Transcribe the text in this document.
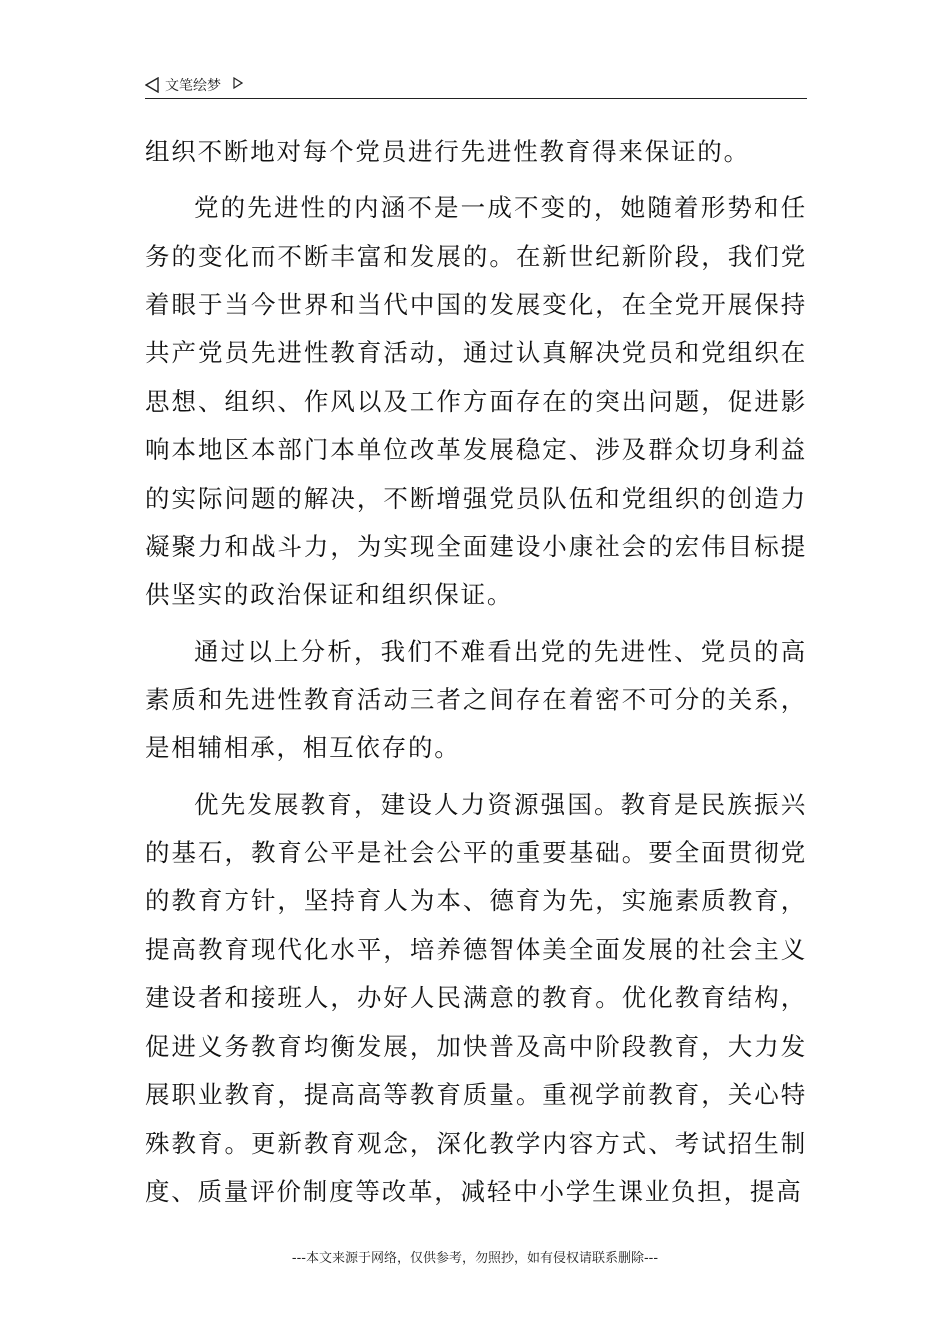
文笔绘梦

组织不断地对每个党员进行先进性教育得来保证的。

党的先进性的内涵不是一成不变的，她随着形势和任务的变化而不断丰富和发展的。在新世纪新阶段，我们党着眼于当今世界和当代中国的发展变化，在全党开展保持共产党员先进性教育活动，通过认真解决党员和党组织在思想、组织、作风以及工作方面存在的突出问题，促进影响本地区本部门本单位改革发展稳定、涉及群众切身利益的实际问题的解决，不断增强党员队伍和党组织的创造力凝聚力和战斗力，为实现全面建设小康社会的宏伟目标提供坚实的政治保证和组织保证。

通过以上分析，我们不难看出党的先进性、党员的高素质和先进性教育活动三者之间存在着密不可分的关系，是相辅相承，相互依存的。

优先发展教育，建设人力资源强国。教育是民族振兴的基石，教育公平是社会公平的重要基础。要全面贯彻党的教育方针，坚持育人为本、德育为先，实施素质教育，提高教育现代化水平，培养德智体美全面发展的社会主义建设者和接班人，办好人民满意的教育。优化教育结构，促进义务教育均衡发展，加快普及高中阶段教育，大力发展职业教育，提高高等教育质量。重视学前教育，关心特殊教育。更新教育观念，深化教学内容方式、考试招生制度、质量评价制度等改革，减轻中小学生课业负担，提高

---本文来源于网络，仅供参考，勿照抄，如有侵权请联系删除---
